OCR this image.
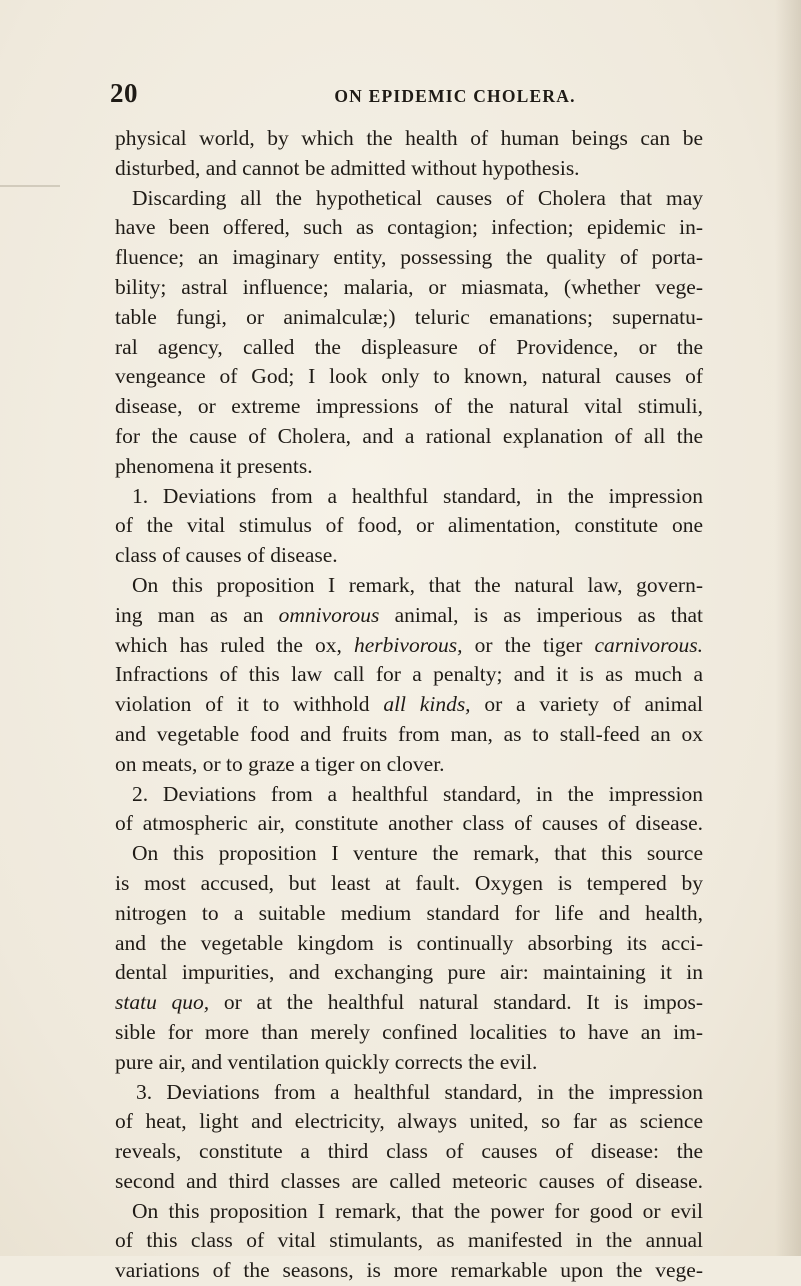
20	ON EPIDEMIC CHOLERA.
physical world, by which the health of human beings can be
disturbed, and cannot be admitted without hypothesis.
Discarding all the hypothetical causes of Cholera that may
have been offered, such as contagion; infection; epidemic in-
fluence; an imaginary entity, possessing the quality of porta-
bility; astral influence; malaria, or miasmata, (whether vege-
table fungi, or animalculæ;) teluric emanations; supernatu-
ral agency, called the displeasure of Providence, or the
vengeance of God; I look only to known, natural causes of
disease, or extreme impressions of the natural vital stimuli,
for the cause of Cholera, and a rational explanation of all the
phenomena it presents.
1. Deviations from a healthful standard, in the impression
of the vital stimulus of food, or alimentation, constitute one
class of causes of disease.
On this proposition I remark, that the natural law, govern-
ing man as an omnivorous animal, is as imperious as that
which has ruled the ox, herbivorous, or the tiger carnivorous.
Infractions of this law call for a penalty; and it is as much a
violation of it to withhold all kinds, or a variety of animal
and vegetable food and fruits from man, as to stall-feed an ox
on meats, or to graze a tiger on clover.
2. Deviations from a healthful standard, in the impression
of atmospheric air, constitute another class of causes of disease.
On this proposition I venture the remark, that this source
is most accused, but least at fault. Oxygen is tempered by
nitrogen to a suitable medium standard for life and health,
and the vegetable kingdom is continually absorbing its acci-
dental impurities, and exchanging pure air: maintaining it in
statu quo, or at the healthful natural standard. It is impos-
sible for more than merely confined localities to have an im-
pure air, and ventilation quickly corrects the evil.
3. Deviations from a healthful standard, in the impression
of heat, light and electricity, always united, so far as science
reveals, constitute a third class of causes of disease: the
second and third classes are called meteoric causes of disease.
On this proposition I remark, that the power for good or evil
of this class of vital stimulants, as manifested in the annual
variations of the seasons, is more remarkable upon the vege-
